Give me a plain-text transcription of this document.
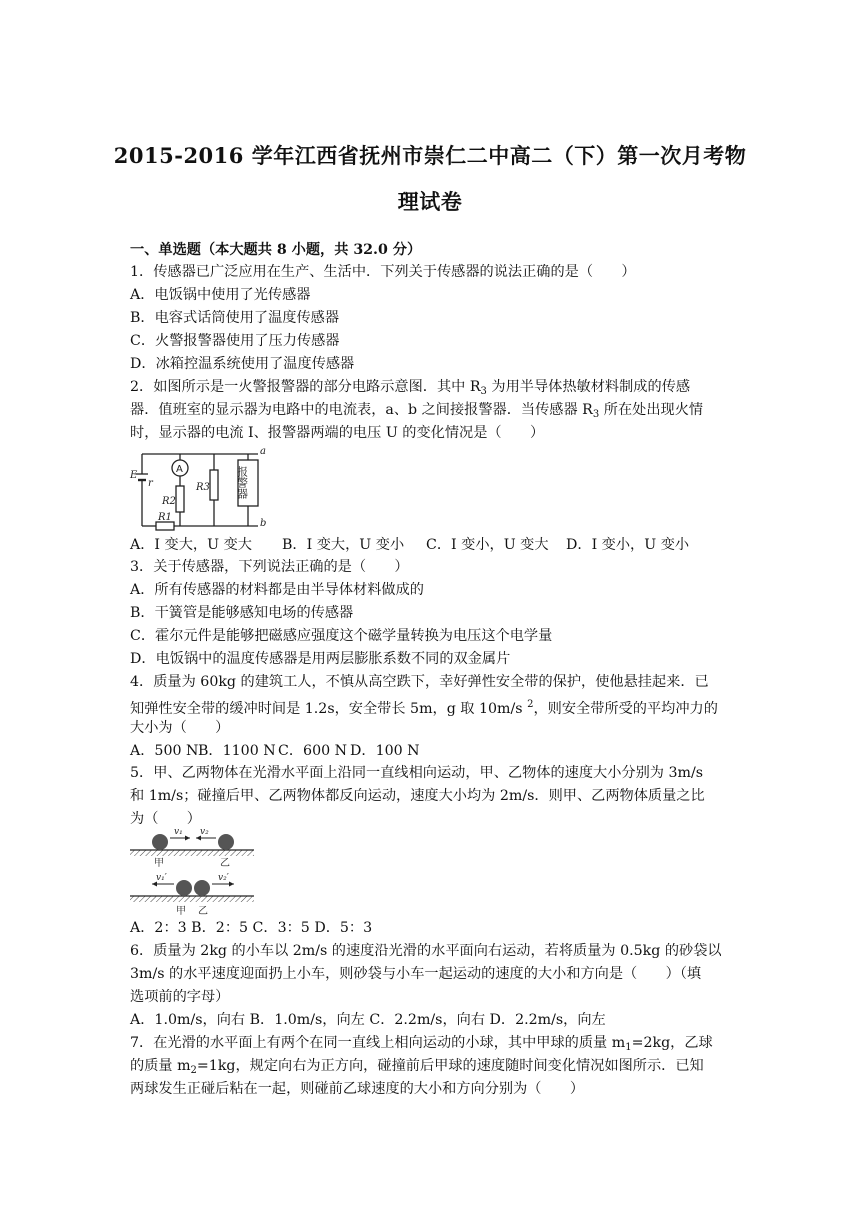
2015-2016 学年江西省抚州市崇仁二中高二（下）第一次月考物
理试卷
一、单选题（本大题共 8 小题，共 32.0 分）
1．传感器已广泛应用在生产、生活中．下列关于传感器的说法正确的是（　　）
A．电饭锅中使用了光传感器
B．电容式话筒使用了温度传感器
C．火警报警器使用了压力传感器
D．冰箱控温系统使用了温度传感器
2．如图所示是一火警报警器的部分电路示意图．其中 $R_3$ 为用半导体热敏材料制成的传感
器．值班室的显示器为电路中的电流表，a、b 之间接报警器．当传感器 $R_3$ 所在处出现火情
时，显示器的电流 I、报警器两端的电压 U 的变化情况是（　　）
E
r
R1
R2
R3
a
b
A	报警器
A．I 变大，U 变大 B．I 变大，U 变小 C．I 变小，U 变大 D．I 变小，U 变小
3．关于传感器，下列说法正确的是（　　）
A．所有传感器的材料都是由半导体材料做成的
B．干簧管是能够感知电场的传感器
C．霍尔元件是能够把磁感应强度这个磁学量转换为电压这个电学量
D．电饭锅中的温度传感器是用两层膨胀系数不同的双金属片
4．质量为 60kg 的建筑工人，不慎从高空跌下，幸好弹性安全带的保护，使他悬挂起来．已
知弹性安全带的缓冲时间是 1.2s，安全带长 5m，g 取 10m/s $^2$，则安全带所受的平均冲力的
大小为（　　）
A．500 NB．1100 N C．600 N D．100 N
5．甲、乙两物体在光滑水平面上沿同一直线相向运动，甲、乙物体的速度大小分别为 3m/s
和 1m/s；碰撞后甲、乙两物体都反向运动，速度大小均为 2m/s．则甲、乙两物体质量之比
为（　　）
v₁ v₂
甲	乙
v₁′	v₂′
甲 乙
A．2：3 B．2：5 C．3：5 D．5：3
6．质量为 2kg 的小车以 2m/s 的速度沿光滑的水平面向右运动，若将质量为 0.5kg 的砂袋以
3m/s 的水平速度迎面扔上小车，则砂袋与小车一起运动的速度的大小和方向是（　　）（填
选项前的字母）
A．1.0m/s，向右 B．1.0m/s，向左 C．2.2m/s，向右 D．2.2m/s，向左
7．在光滑的水平面上有两个在同一直线上相向运动的小球，其中甲球的质量 $m_1=2kg$，乙球
的质量 $m_2=1kg$，规定向右为正方向，碰撞前后甲球的速度随时间变化情况如图所示．已知
两球发生正碰后粘在一起，则碰前乙球速度的大小和方向分别为（　　）
